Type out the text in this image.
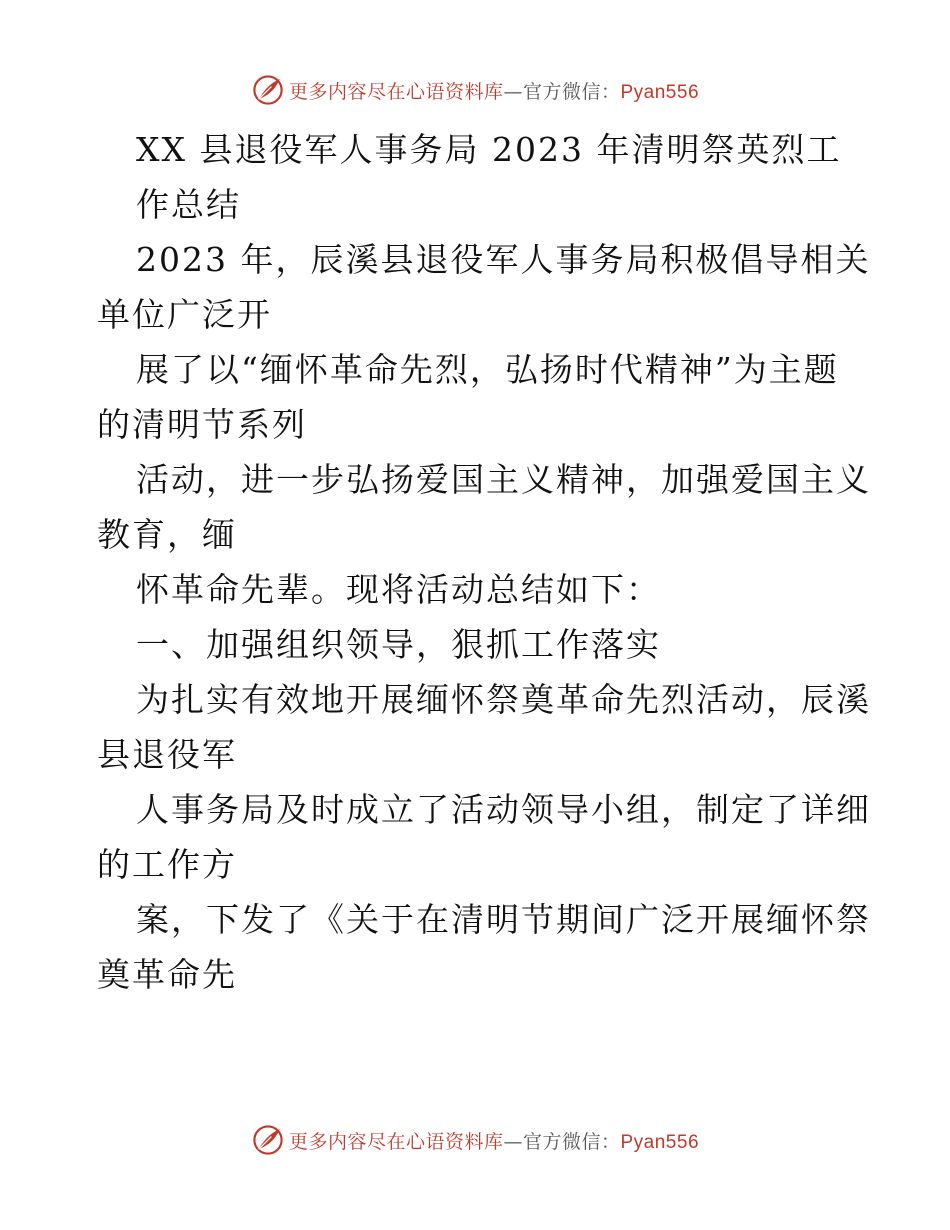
更多内容尽在心语资料库—官方微信：Pyan556
XX 县退役军人事务局 2023 年清明祭英烈工
作总结
2023 年，辰溪县退役军人事务局积极倡导相关
单位广泛开
展了以“缅怀革命先烈，弘扬时代精神”为主题
的清明节系列
活动，进一步弘扬爱国主义精神，加强爱国主义
教育，缅
怀革命先辈。现将活动总结如下：
一、加强组织领导，狠抓工作落实
为扎实有效地开展缅怀祭奠革命先烈活动，辰溪
县退役军
人事务局及时成立了活动领导小组，制定了详细
的工作方
案，下发了《关于在清明节期间广泛开展缅怀祭
奠革命先
更多内容尽在心语资料库—官方微信：Pyan556
